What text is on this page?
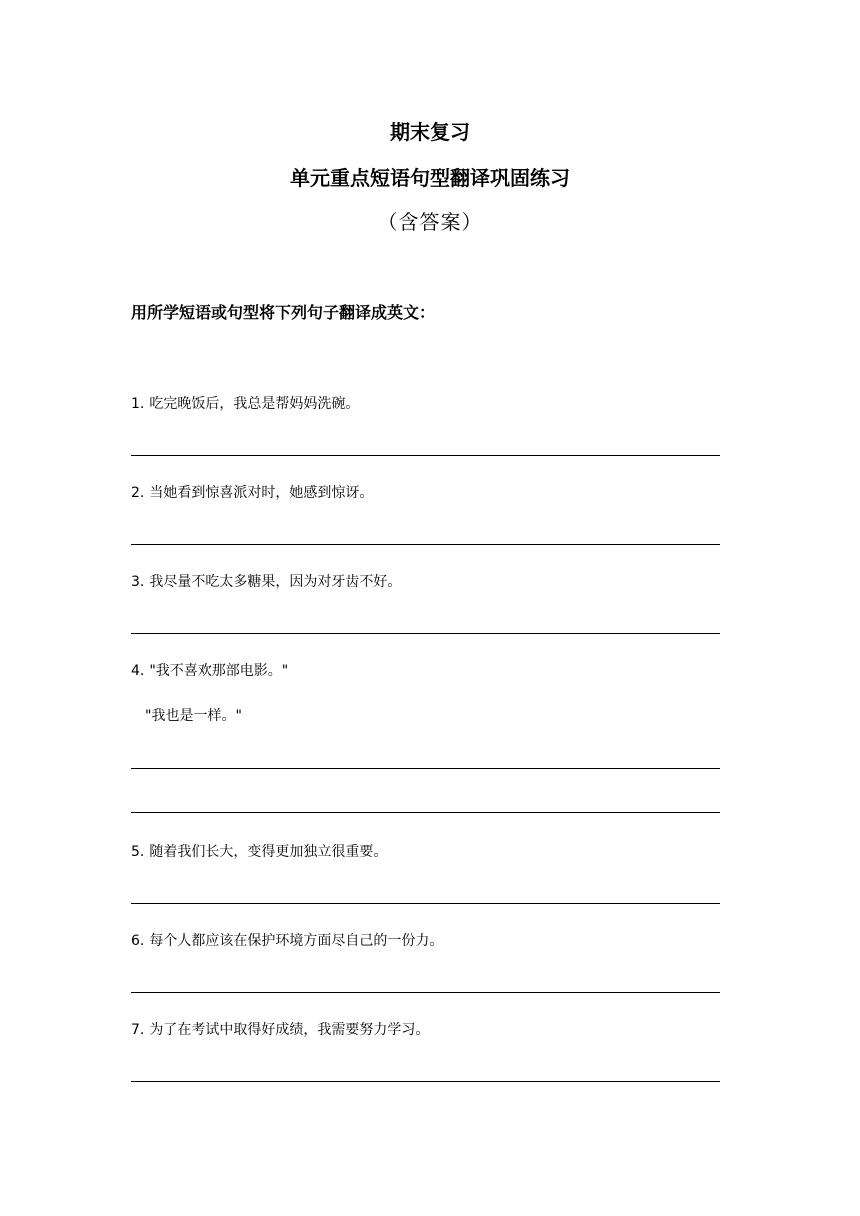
期末复习
单元重点短语句型翻译巩固练习
（含答案）

用所学短语或句型将下列句子翻译成英文：

1. 吃完晚饭后，我总是帮妈妈洗碗。

2. 当她看到惊喜派对时，她感到惊讶。

3. 我尽量不吃太多糖果，因为对牙齿不好。

4. "我不喜欢那部电影。"

"我也是一样。"

5. 随着我们长大，变得更加独立很重要。

6. 每个人都应该在保护环境方面尽自己的一份力。

7. 为了在考试中取得好成绩，我需要努力学习。
